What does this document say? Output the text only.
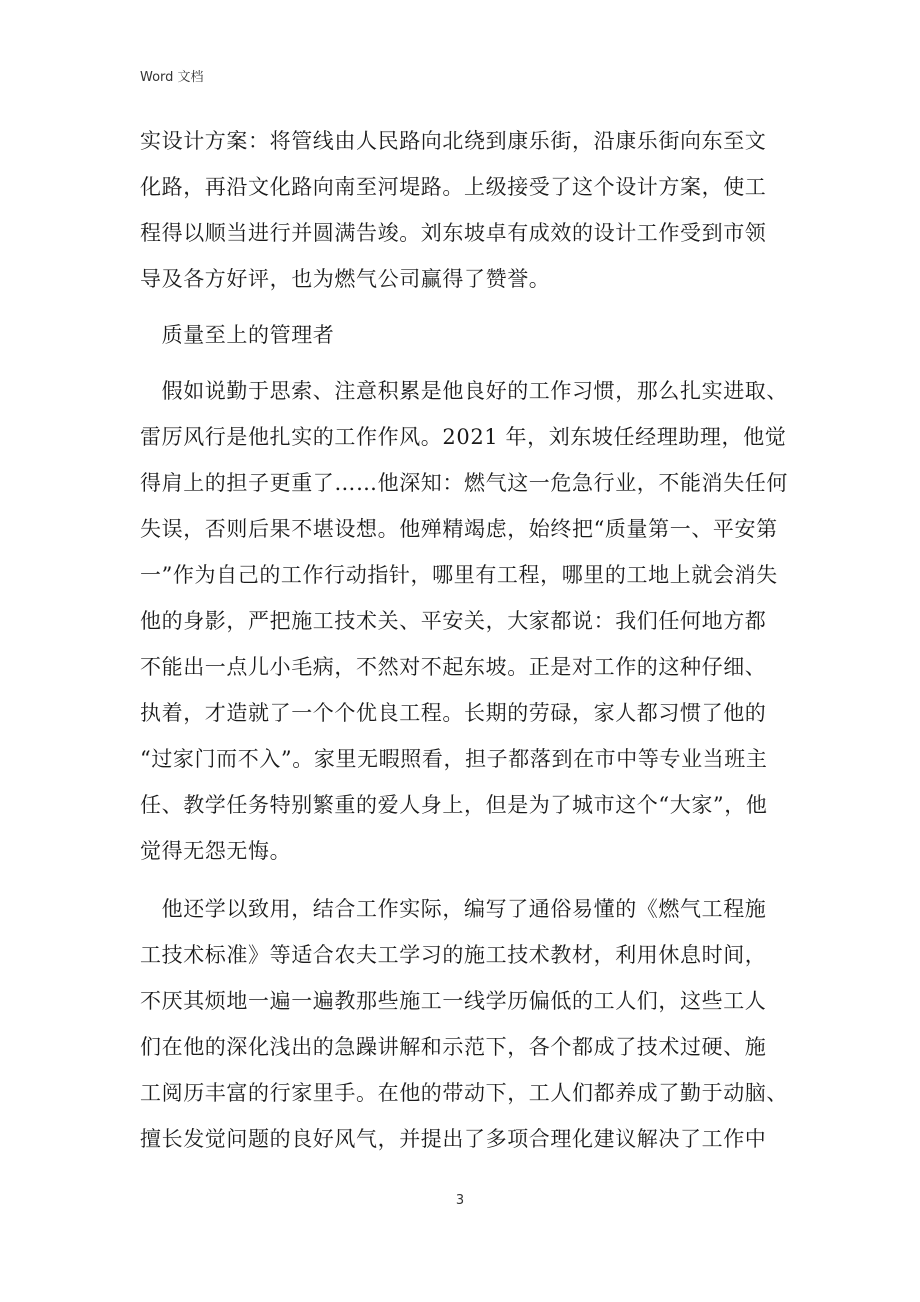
Word 文档
实设计方案：将管线由人民路向北绕到康乐街，沿康乐街向东至文
化路，再沿文化路向南至河堤路。上级接受了这个设计方案，使工
程得以顺当进行并圆满告竣。刘东坡卓有成效的设计工作受到市领
导及各方好评，也为燃气公司赢得了赞誉。
　质量至上的管理者
　假如说勤于思索、注意积累是他良好的工作习惯，那么扎实进取、
雷厉风行是他扎实的工作作风。2021 年，刘东坡任经理助理，他觉
得肩上的担子更重了……他深知：燃气这一危急行业，不能消失任何
失误，否则后果不堪设想。他殚精竭虑，始终把“质量第一、平安第
一”作为自己的工作行动指针，哪里有工程，哪里的工地上就会消失
他的身影，严把施工技术关、平安关，大家都说：我们任何地方都
不能出一点儿小毛病，不然对不起东坡。正是对工作的这种仔细、
执着，才造就了一个个优良工程。长期的劳碌，家人都习惯了他的
“过家门而不入”。家里无暇照看，担子都落到在市中等专业当班主
任、教学任务特别繁重的爱人身上，但是为了城市这个“大家”，他
觉得无怨无悔。
　他还学以致用，结合工作实际，编写了通俗易懂的《燃气工程施
工技术标准》等适合农夫工学习的施工技术教材，利用休息时间，
不厌其烦地一遍一遍教那些施工一线学历偏低的工人们，这些工人
们在他的深化浅出的急躁讲解和示范下，各个都成了技术过硬、施
工阅历丰富的行家里手。在他的带动下，工人们都养成了勤于动脑、
擅长发觉问题的良好风气，并提出了多项合理化建议解决了工作中
3
